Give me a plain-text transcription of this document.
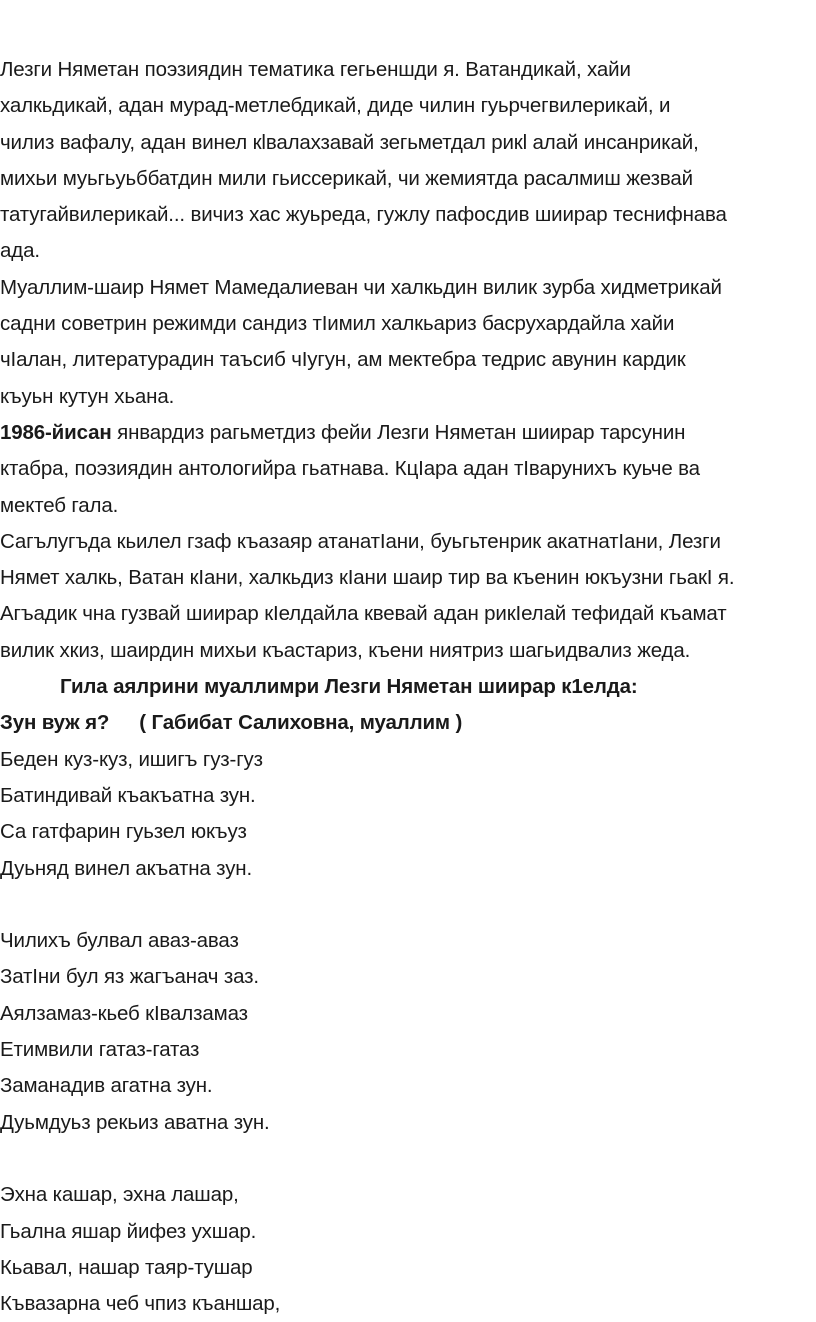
Лезги Няметан поэзиядин тематика гегьеншди я. Ватандикай, хайи
халкьдикай, адан мурад-метлебдикай, диде чилин гуьрчегвилерикай, и
чилиз вафалу, адан винел кlвалахзавай зегьметдал рикl алай инсанрикай,
михьи муьгьуьббатдин мили гьиссерикай, чи жемиятда расалмиш жезвай
татугайвилерикай... вичиз хас жуьреда, гужлу пафосдив шиирар теснифнава
ада.
Муаллим-шаир Нямет Мамедалиеван чи халкьдин вилик зурба хидметрикай
садни советрин режимди сандиз тIимил халкьариз басрухардайла хайи
чIалан, литературадин таъсиб чIугун, ам мектебра тедрис авунин кардик
къуьн кутун хьана.
1986-йисан январдиз рагьметдиз фейи Лезги Няметан шиирар тарсунин
ктабра, поэзиядин антологийра гьатнава. КцIара адан тIварунихъ куьче ва
мектеб гала.
Сагълугъда кьилел гзаф къазаяр атанатIани, буьгьтенрик акатнатIани, Лезги
Нямет халкь, Ватан кIани, халкьдиз кIани шаир тир ва къенин юкъузни гьакI я.
Агъадик чна гузвай шиирар кIелдайла квевай адан рикIелай тефидай къамат
вилик хкиз, шаирдин михьи къастариз, къени ниятриз шагьидвализ жеда.
Гила аялрини муаллимри Лезги Няметан шиирар к1елда:
Зун вуж я? ( Габибат Салиховна, муаллим )
Беден куз-куз, ишигъ гуз-гуз
Батиндивай къакъатна зун.
Са гатфарин гуьзел юкъуз
Дуьняд винел акъатна зун.
Чилихъ булвал аваз-аваз
ЗатIни бул яз жагъанач заз.
Аялзамаз-кьеб кIвалзамаз
Етимвили гатаз-гатаз
Заманадив агатна зун.
Дуьмдуьз рекьиз аватна зун.
Эхна кашар, эхна лашар,
Гьална яшар йифез ухшар.
Кьавал, нашар таяр-тушар
Къвазарна чеб чпиз къаншар,
